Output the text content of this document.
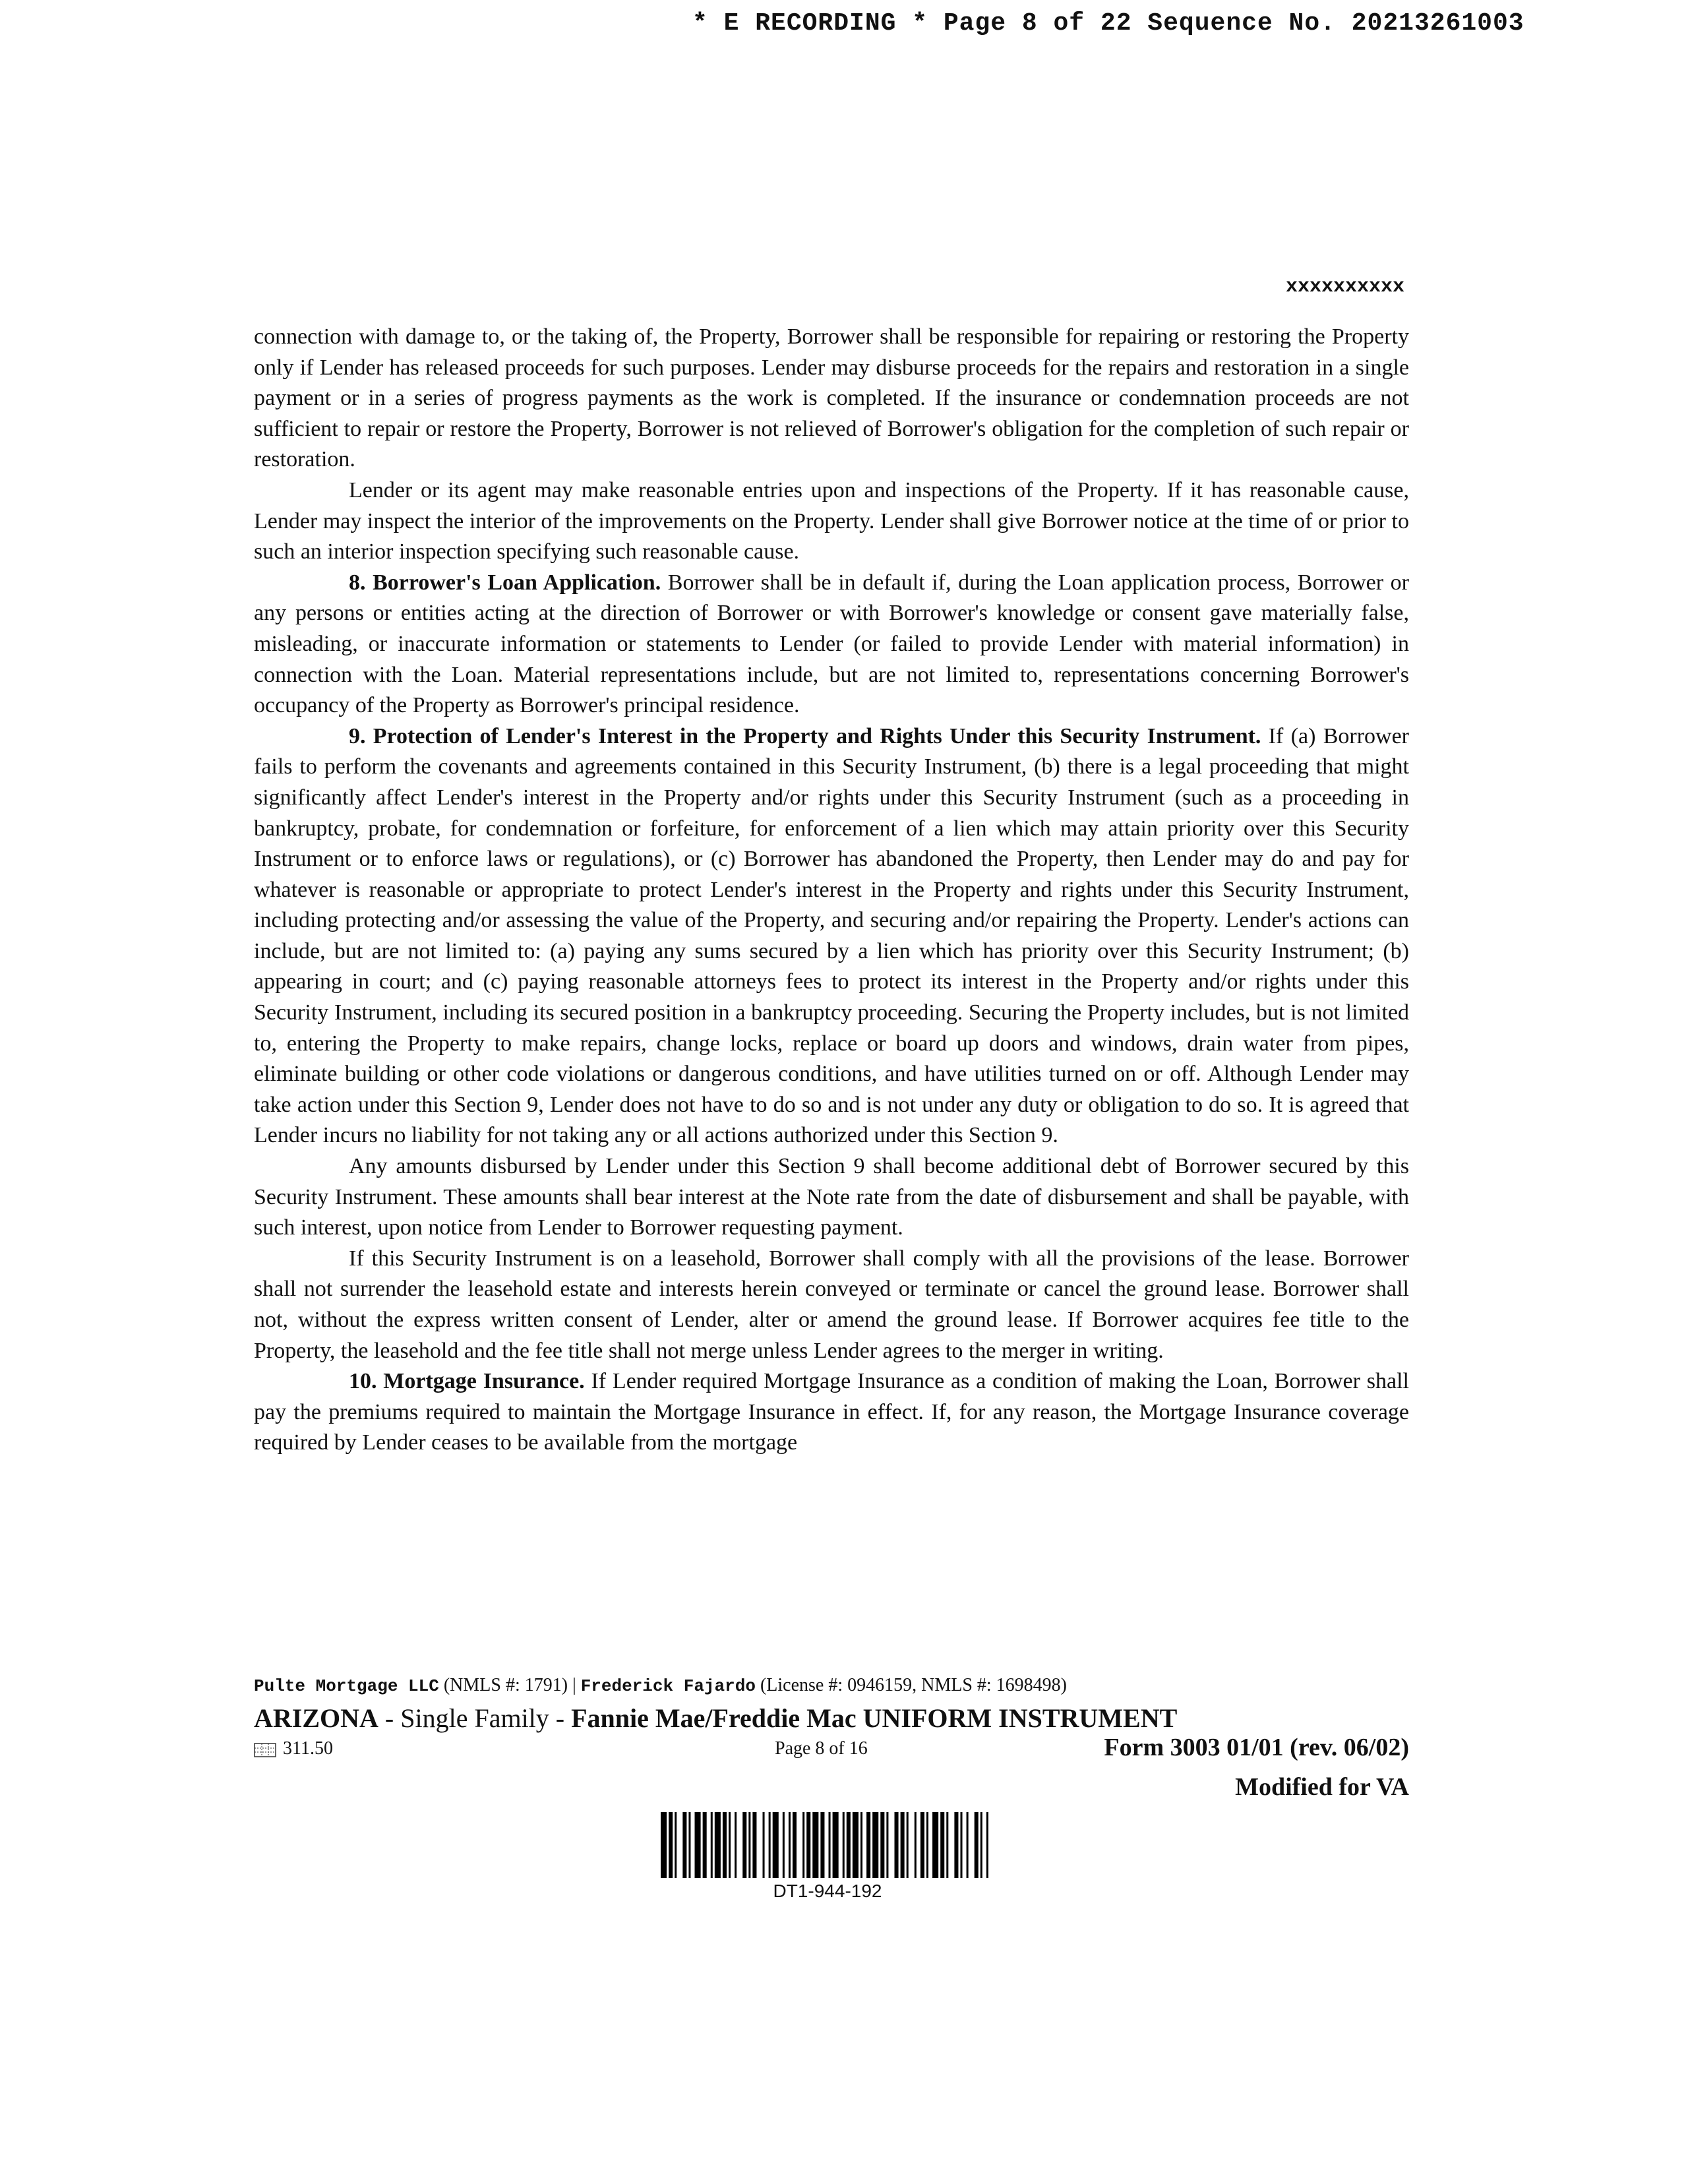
* E RECORDING * Page 8 of 22 Sequence No. 20213261003
xxxxxxxxxx

connection with damage to, or the taking of, the Property, Borrower shall be responsible for repairing or restoring the Property only if Lender has released proceeds for such purposes. Lender may disburse proceeds for the repairs and restoration in a single payment or in a series of progress payments as the work is completed. If the insurance or condemnation proceeds are not sufficient to repair or restore the Property, Borrower is not relieved of Borrower's obligation for the completion of such repair or restoration.

Lender or its agent may make reasonable entries upon and inspections of the Property. If it has reasonable cause, Lender may inspect the interior of the improvements on the Property. Lender shall give Borrower notice at the time of or prior to such an interior inspection specifying such reasonable cause.

8. Borrower's Loan Application. Borrower shall be in default if, during the Loan application process, Borrower or any persons or entities acting at the direction of Borrower or with Borrower's knowledge or consent gave materially false, misleading, or inaccurate information or statements to Lender (or failed to provide Lender with material information) in connection with the Loan. Material representations include, but are not limited to, representations concerning Borrower's occupancy of the Property as Borrower's principal residence.

9. Protection of Lender's Interest in the Property and Rights Under this Security Instrument. If (a) Borrower fails to perform the covenants and agreements contained in this Security Instrument, (b) there is a legal proceeding that might significantly affect Lender's interest in the Property and/or rights under this Security Instrument (such as a proceeding in bankruptcy, probate, for condemnation or forfeiture, for enforcement of a lien which may attain priority over this Security Instrument or to enforce laws or regulations), or (c) Borrower has abandoned the Property, then Lender may do and pay for whatever is reasonable or appropriate to protect Lender's interest in the Property and rights under this Security Instrument, including protecting and/or assessing the value of the Property, and securing and/or repairing the Property. Lender's actions can include, but are not limited to: (a) paying any sums secured by a lien which has priority over this Security Instrument; (b) appearing in court; and (c) paying reasonable attorneys fees to protect its interest in the Property and/or rights under this Security Instrument, including its secured position in a bankruptcy proceeding. Securing the Property includes, but is not limited to, entering the Property to make repairs, change locks, replace or board up doors and windows, drain water from pipes, eliminate building or other code violations or dangerous conditions, and have utilities turned on or off. Although Lender may take action under this Section 9, Lender does not have to do so and is not under any duty or obligation to do so. It is agreed that Lender incurs no liability for not taking any or all actions authorized under this Section 9.

Any amounts disbursed by Lender under this Section 9 shall become additional debt of Borrower secured by this Security Instrument. These amounts shall bear interest at the Note rate from the date of disbursement and shall be payable, with such interest, upon notice from Lender to Borrower requesting payment.

If this Security Instrument is on a leasehold, Borrower shall comply with all the provisions of the lease. Borrower shall not surrender the leasehold estate and interests herein conveyed or terminate or cancel the ground lease. Borrower shall not, without the express written consent of Lender, alter or amend the ground lease. If Borrower acquires fee title to the Property, the leasehold and the fee title shall not merge unless Lender agrees to the merger in writing.

10. Mortgage Insurance. If Lender required Mortgage Insurance as a condition of making the Loan, Borrower shall pay the premiums required to maintain the Mortgage Insurance in effect. If, for any reason, the Mortgage Insurance coverage required by Lender ceases to be available from the mortgage

Pulte Mortgage LLC (NMLS #: 1791) | Frederick Fajardo (License #: 0946159, NMLS #: 1698498)
ARIZONA - Single Family - Fannie Mae/Freddie Mac UNIFORM INSTRUMENT
311.50	Page 8 of 16	Form 3003 01/01 (rev. 06/02)
Modified for VA
DT1-944-192
